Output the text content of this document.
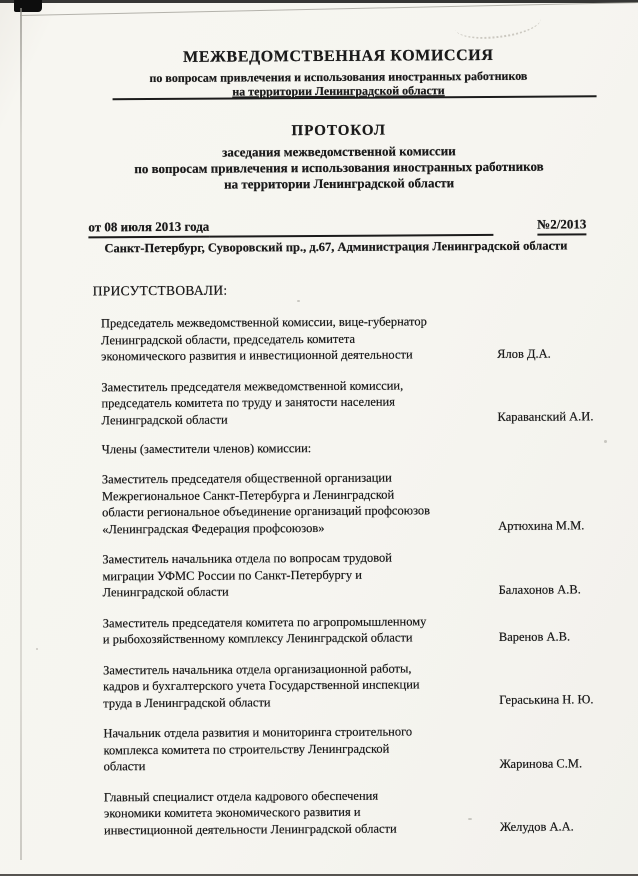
МЕЖВЕДОМСТВЕННАЯ КОМИССИЯ
по вопросам привлечения и использования иностранных работников
на территории Ленинградской области
ПРОТОКОЛ
заседания межведомственной комиссии
по вопросам привлечения и использования иностранных работников
на территории Ленинградской области
от 08 июля 2013 года	№2/2013
Санкт-Петербург, Суворовский пр., д.67, Администрация Ленинградской области
ПРИСУТСТВОВАЛИ:
Председатель межведомственной комиссии, вице-губернатор
Ленинградской области, председатель комитета
экономического развития и инвестиционной деятельности	Ялов Д.А.
Заместитель председателя межведомственной комиссии,
председатель комитета по труду и занятости населения
Ленинградской области	Караванский А.И.
Члены (заместители членов) комиссии:
Заместитель председателя общественной организации
Межрегиональное Санкт-Петербурга и Ленинградской
области региональное объединение организаций профсоюзов
«Ленинградская Федерация профсоюзов»	Артюхина М.М.
Заместитель начальника отдела по вопросам трудовой
миграции УФМС России по Санкт-Петербургу и
Ленинградской области	Балахонов А.В.
Заместитель председателя комитета по агропромышленному
и рыбохозяйственному комплексу Ленинградской области	Варенов А.В.
Заместитель начальника отдела организационной работы,
кадров и бухгалтерского учета Государственной инспекции
труда в Ленинградской области	Гераськина Н. Ю.
Начальник отдела развития и мониторинга строительного
комплекса комитета по строительству Ленинградской
области	Жаринова С.М.
Главный специалист отдела кадрового обеспечения
экономики комитета экономического развития и
инвестиционной деятельности Ленинградской области	Желудов А.А.
